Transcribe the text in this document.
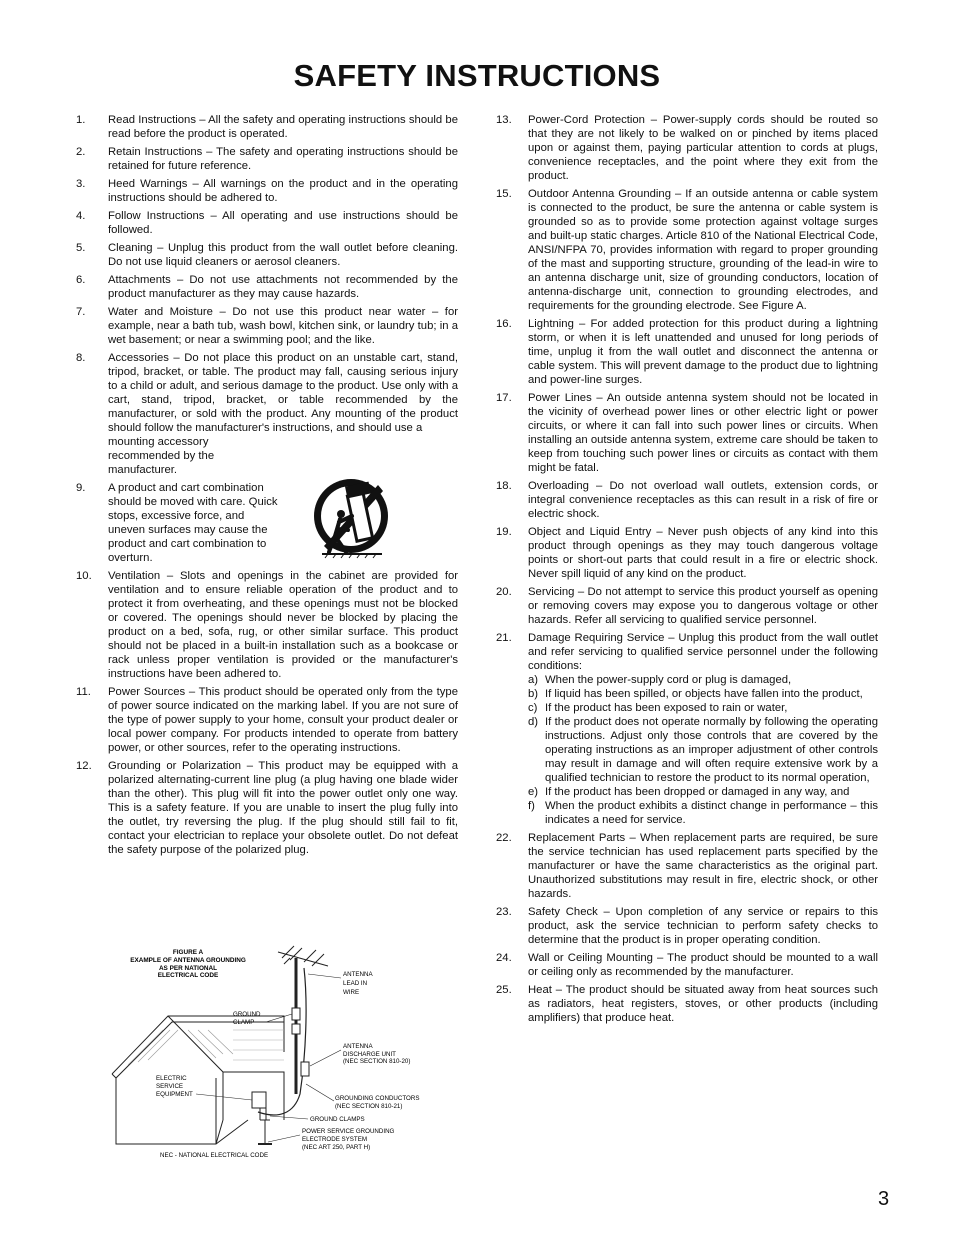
SAFETY INSTRUCTIONS
1. Read Instructions – All the safety and operating instructions should be read before the product is operated.
2. Retain Instructions – The safety and operating instructions should be retained for future reference.
3. Heed Warnings – All warnings on the product and in the operating instructions should be adhered to.
4. Follow Instructions – All operating and use instructions should be followed.
5. Cleaning – Unplug this product from the wall outlet before cleaning. Do not use liquid cleaners or aerosol cleaners.
6. Attachments – Do not use attachments not recommended by the product manufacturer as they may cause hazards.
7. Water and Moisture – Do not use this product near water – for example, near a bath tub, wash bowl, kitchen sink, or laundry tub; in a wet basement; or near a swimming pool; and the like.
8. Accessories – Do not place this product on an unstable cart, stand, tripod, bracket, or table. The product may fall, causing serious injury to a child or adult, and serious damage to the product. Use only with a cart, stand, tripod, bracket, or table recommended by the manufacturer, or sold with the product. Any mounting of the product should follow the manufacturer's instructions, and should use a
mounting accessory recommended by the manufacturer.
9. A product and cart combination should be moved with care. Quick stops, excessive force, and uneven surfaces may cause the product and cart combination to overturn.
10. Ventilation – Slots and openings in the cabinet are provided for ventilation and to ensure reliable operation of the product and to protect it from overheating, and these openings must not be blocked or covered. The openings should never be blocked by placing the product on a bed, sofa, rug, or other similar surface. This product should not be placed in a built-in installation such as a bookcase or rack unless proper ventilation is provided or the manufacturer's instructions have been adhered to.
11. Power Sources – This product should be operated only from the type of power source indicated on the marking label. If you are not sure of the type of power supply to your home, consult your product dealer or local power company. For products intended to operate from battery power, or other sources, refer to the operating instructions.
12. Grounding or Polarization – This product may be equipped with a polarized alternating-current line plug (a plug having one blade wider than the other). This plug will fit into the power outlet only one way. This is a safety feature. If you are unable to insert the plug fully into the outlet, try reversing the plug. If the plug should still fail to fit, contact your electrician to replace your obsolete outlet. Do not defeat the safety purpose of the polarized plug.
FIGURE A
EXAMPLE OF ANTENNA GROUNDING
AS PER NATIONAL
ELECTRICAL CODE	ANTENNA
LEAD IN
WIRE
GROUND
CLAMP
ANTENNA
DISCHARGE UNIT
(NEC SECTION 810-20)
ELECTRIC
SERVICE
EQUIPMENT
GROUNDING CONDUCTORS
(NEC SECTION 810-21)
GROUND CLAMPS
POWER SERVICE GROUNDING
ELECTRODE SYSTEM
(NEC ART 250, PART H)
NEC - NATIONAL ELECTRICAL CODE
13. Power-Cord Protection – Power-supply cords should be routed so that they are not likely to be walked on or pinched by items placed upon or against them, paying particular attention to cords at plugs, convenience receptacles, and the point where they exit from the product.
15. Outdoor Antenna Grounding – If an outside antenna or cable system is connected to the product, be sure the antenna or cable system is grounded so as to provide some protection against voltage surges and built-up static charges. Article 810 of the National Electrical Code, ANSI/NFPA 70, provides information with regard to proper grounding of the mast and supporting structure, grounding of the lead-in wire to an antenna discharge unit, size of grounding conductors, location of antenna-discharge unit, connection to grounding electrodes, and requirements for the grounding electrode. See Figure A.
16. Lightning – For added protection for this product during a lightning storm, or when it is left unattended and unused for long periods of time, unplug it from the wall outlet and disconnect the antenna or cable system. This will prevent damage to the product due to lightning and power-line surges.
17. Power Lines – An outside antenna system should not be located in the vicinity of overhead power lines or other electric light or power circuits, or where it can fall into such power lines or circuits. When installing an outside antenna system, extreme care should be taken to keep from touching such power lines or circuits as contact with them might be fatal.
18. Overloading – Do not overload wall outlets, extension cords, or integral convenience receptacles as this can result in a risk of fire or electric shock.
19. Object and Liquid Entry – Never push objects of any kind into this product through openings as they may touch dangerous voltage points or short-out parts that could result in a fire or electric shock. Never spill liquid of any kind on the product.
20. Servicing – Do not attempt to service this product yourself as opening or removing covers may expose you to dangerous voltage or other hazards. Refer all servicing to qualified service personnel.
21. Damage Requiring Service – Unplug this product from the wall outlet and refer servicing to qualified service personnel under the following conditions:
a) When the power-supply cord or plug is damaged,
b) If liquid has been spilled, or objects have fallen into the product,
c) If the product has been exposed to rain or water,
d) If the product does not operate normally by following the operating instructions. Adjust only those controls that are covered by the operating instructions as an improper adjustment of other controls may result in damage and will often require extensive work by a qualified technician to restore the product to its normal operation,
e) If the product has been dropped or damaged in any way, and
f) When the product exhibits a distinct change in performance – this indicates a need for service.
22. Replacement Parts – When replacement parts are required, be sure the service technician has used replacement parts specified by the manufacturer or have the same characteristics as the original part. Unauthorized substitutions may result in fire, electric shock, or other hazards.
23. Safety Check – Upon completion of any service or repairs to this product, ask the service technician to perform safety checks to determine that the product is in proper operating condition.
24. Wall or Ceiling Mounting – The product should be mounted to a wall or ceiling only as recommended by the manufacturer.
25. Heat – The product should be situated away from heat sources such as radiators, heat registers, stoves, or other products (including amplifiers) that produce heat.
3
